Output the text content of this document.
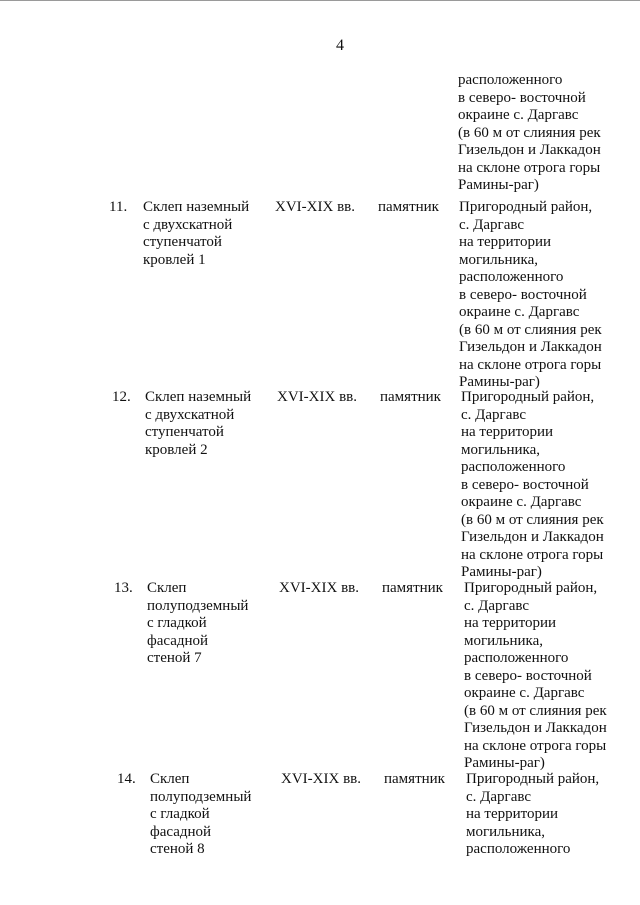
4
расположенного
в северо- восточной
окраине с. Даргавс
(в 60 м от слияния рек
Гизельдон и Лаккадон
на склоне отрога горы
Рамины-раг)
11. Склеп наземный
с двухскатной
ступенчатой
кровлей 1
XVI-XIX вв. памятник Пригородный район,
с. Даргавс
на территории
могильника,
расположенного
в северо- восточной
окраине с. Даргавс
(в 60 м от слияния рек
Гизельдон и Лаккадон
на склоне отрога горы
Рамины-раг)
12. Склеп наземный
с двухскатной
ступенчатой
кровлей 2
XVI-XIX вв. памятник Пригородный район,
с. Даргавс
на территории
могильника,
расположенного
в северо- восточной
окраине с. Даргавс
(в 60 м от слияния рек
Гизельдон и Лаккадон
на склоне отрога горы
Рамины-раг)
13. Склеп
полуподземный
с гладкой
фасадной
стеной 7
XVI-XIX вв. памятник Пригородный район,
с. Даргавс
на территории
могильника,
расположенного
в северо- восточной
окраине с. Даргавс
(в 60 м от слияния рек
Гизельдон и Лаккадон
на склоне отрога горы
Рамины-раг)
14. Склеп
полуподземный
с гладкой
фасадной
стеной 8
XVI-XIX вв. памятник Пригородный район,
с. Даргавс
на территории
могильника,
расположенного
